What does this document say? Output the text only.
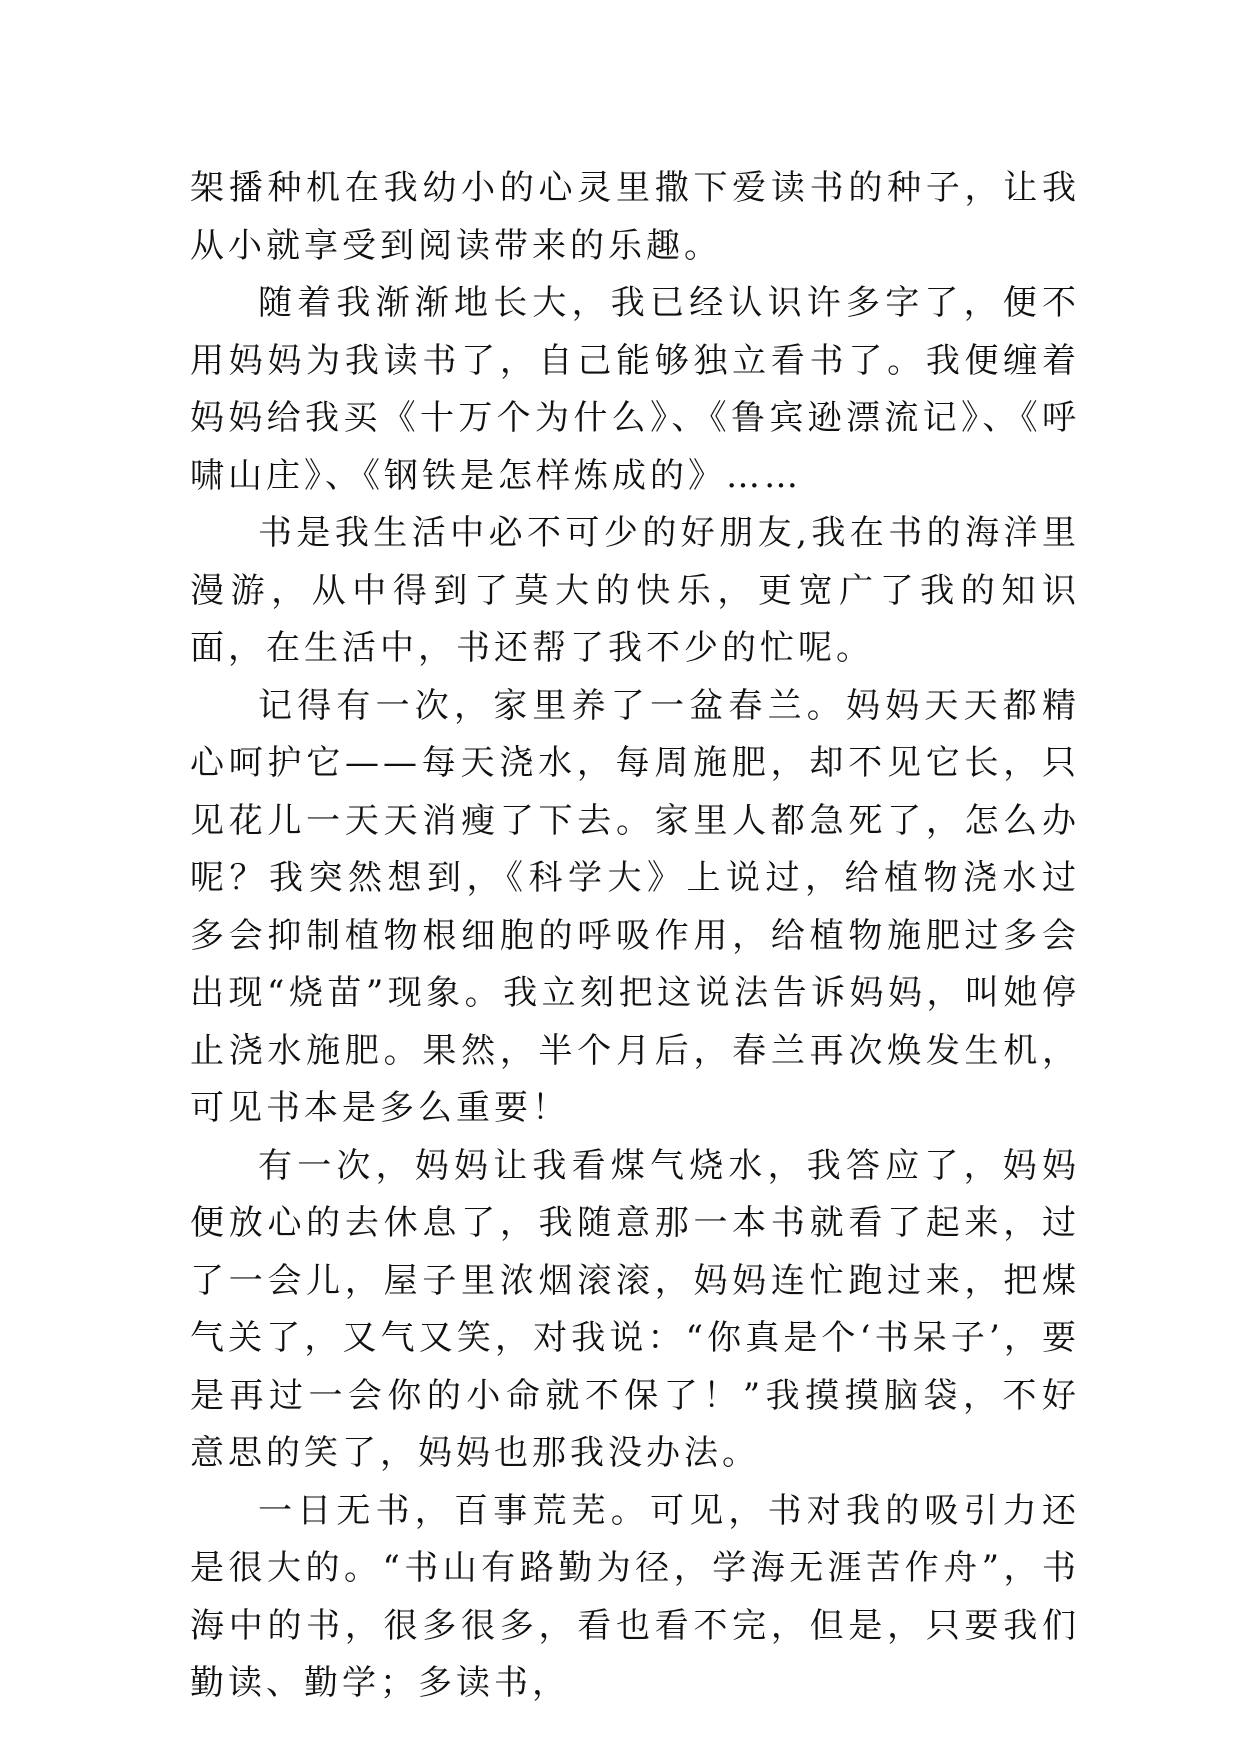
架播种机在我幼小的心灵里撒下爱读书的种子，让我从小就享受到阅读带来的乐趣。

随着我渐渐地长大，我已经认识许多字了，便不用妈妈为我读书了，自己能够独立看书了。我便缠着妈妈给我买《十万个为什么》、《鲁宾逊漂流记》、《呼啸山庄》、《钢铁是怎样炼成的》……

书是我生活中必不可少的好朋友,我在书的海洋里漫游，从中得到了莫大的快乐，更宽广了我的知识面，在生活中，书还帮了我不少的忙呢。

记得有一次，家里养了一盆春兰。妈妈天天都精心呵护它——每天浇水，每周施肥，却不见它长，只见花儿一天天消瘦了下去。家里人都急死了，怎么办呢？我突然想到，《科学大》上说过，给植物浇水过多会抑制植物根细胞的呼吸作用，给植物施肥过多会出现“烧苗”现象。我立刻把这说法告诉妈妈，叫她停止浇水施肥。果然，半个月后，春兰再次焕发生机，可见书本是多么重要！

有一次，妈妈让我看煤气烧水，我答应了，妈妈便放心的去休息了，我随意那一本书就看了起来，过了一会儿，屋子里浓烟滚滚，妈妈连忙跑过来，把煤气关了，又气又笑，对我说：“你真是个‘书呆子’，要是再过一会你的小命就不保了！”我摸摸脑袋，不好意思的笑了，妈妈也那我没办法。

一日无书，百事荒芜。可见，书对我的吸引力还是很大的。“书山有路勤为径，学海无涯苦作舟”，书海中的书，很多很多，看也看不完，但是，只要我们勤读、勤学；多读书，
